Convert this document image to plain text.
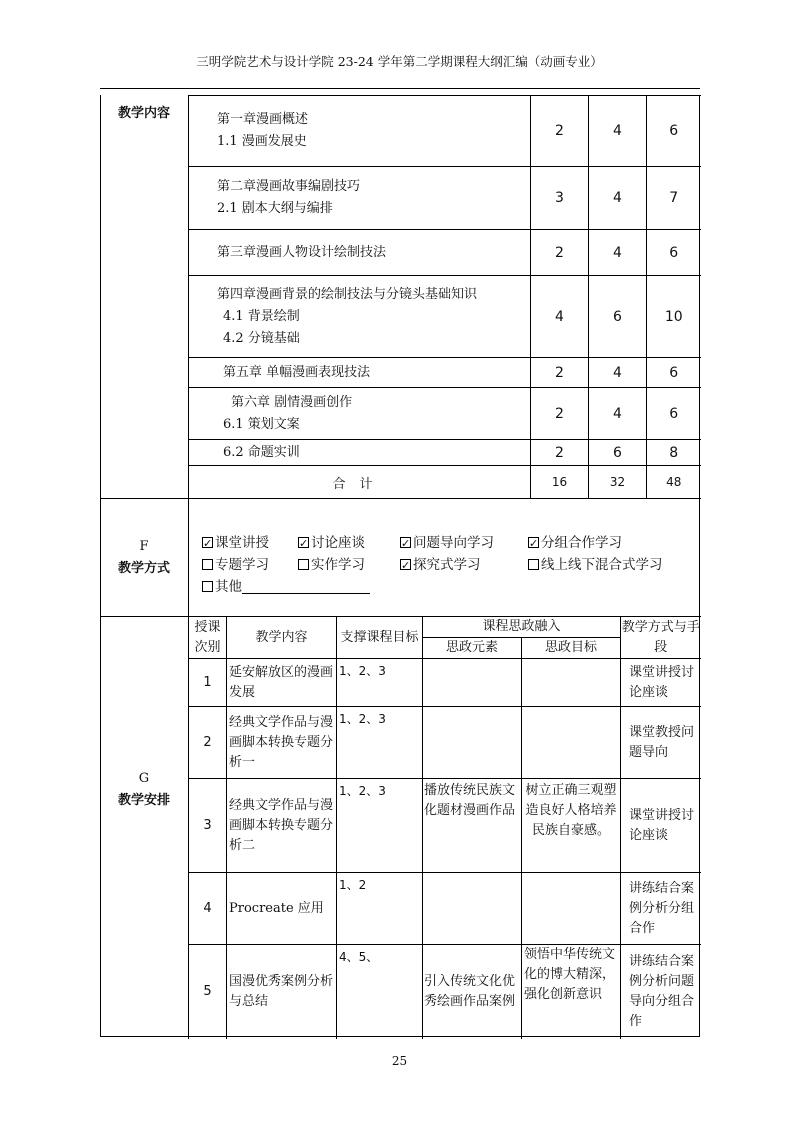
三明学院艺术与设计学院 23-24 学年第二学期课程大纲汇编（动画专业）
教学内容
F
教学方式
G
教学安排
第一章漫画概述
1.1 漫画发展史	2	4	6

第二章漫画故事编剧技巧
2.1 剧本大纲与编排	3	4	7

第三章漫画人物设计绘制技法	2	4	6

第四章漫画背景的绘制技法与分镜头基础知识
4.1 背景绘制
4.2 分镜基础	4	6	10

第五章 单幅漫画表现技法	2	4	6

第六章 剧情漫画创作
6.1 策划文案	2	4	6

6.2 命题实训	2	6	8
合计	16	32	48
✓课堂讲授 ✓	讨论座谈 ✓	问题导向学习 ✓	分组合作学习
专题学习	实作学习 ✓	探究式学习	线上线下混合式学习
其他
授课次别	教学内容	支撑课程目标	课程思政融入		教学方式与手段
			思政元素	思政目标	
1	延安解放区的漫画发展	1、2、3			课堂讲授讨论座谈
2	经典文学作品与漫画脚本转换专题分析一	1、2、3			课堂教授问题导向
3	经典文学作品与漫画脚本转换专题分析二	1、2、3	播放传统民族文化题材漫画作品	树立正确三观塑造良好人格培养民族自豪感。	课堂讲授讨论座谈
4	Procreate 应用	1、2			讲练结合案例分析分组合作
5	国漫优秀案例分析与总结	4、5、	引入传统文化优秀绘画作品案例	领悟中华传统文化的博大精深，强化创新意识	讲练结合案例分析问题导向分组合作
25
